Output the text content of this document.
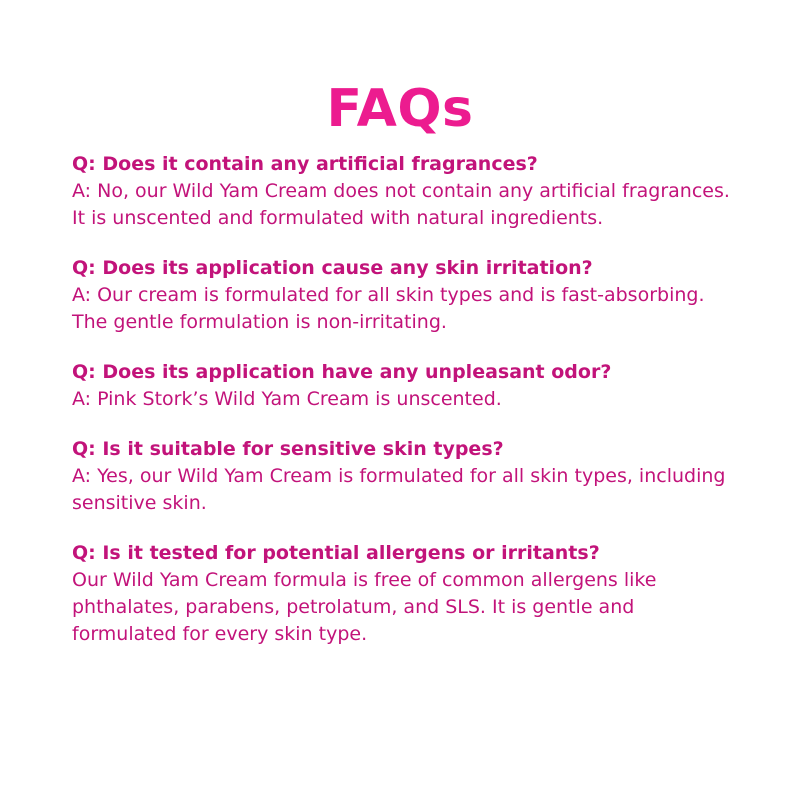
FAQs

Q: Does it contain any artificial fragrances?

A: No, our Wild Yam Cream does not contain any artificial fragrances.

It is unscented and formulated with natural ingredients.

Q: Does its application cause any skin irritation?

A: Our cream is formulated for all skin types and is fast-absorbing.

The gentle formulation is non-irritating.

Q: Does its application have any unpleasant odor?

A: Pink Stork’s Wild Yam Cream is unscented.

Q: Is it suitable for sensitive skin types?

A: Yes, our Wild Yam Cream is formulated for all skin types, including

sensitive skin.

Q: Is it tested for potential allergens or irritants?

Our Wild Yam Cream formula is free of common allergens like

phthalates, parabens, petrolatum, and SLS. It is gentle and

formulated for every skin type.
